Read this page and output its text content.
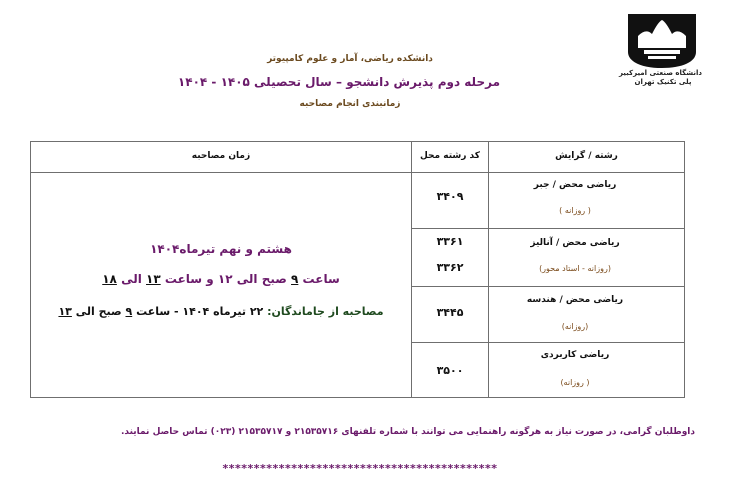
دانشگاه صنعتی امیرکبیر
پلی تکنیک تهران
دانشکده ریاضی، آمار و علوم کامپیوتر
مرحله دوم پذیرش دانشجو – سال تحصیلی ۱۴۰۵ - ۱۴۰۴
زمانبندی انجام مصاحبه
رشته / گرایش
کد رشته محل
زمان مصاحبه
ریاضی محض / جبر
( روزانه )
۳۴۰۹
ریاضی محض / آنالیز
(روزانه - استاد محور)
۳۳۶۱
۳۳۶۲
ریاضی محض / هندسه
(روزانه)
۳۴۴۵
ریاضی کاربردی
( روزانه)
۳۵۰۰
هشتم و نهم تیرماه۱۴۰۴
ساعت ۹ صبح الی ۱۲ و ساعت ۱۳ الی ۱۸
مصاحبه از جاماندگان: ۲۲ تیرماه ۱۴۰۴ - ساعت ۹ صبح الی ۱۳
داوطلبان گرامی، در صورت نیاز به هرگونه راهنمایی می توانند با شماره تلفنهای ۲۱۵۳۵۷۱۶ و ۲۱۵۳۵۷۱۷ (۰۲۳) تماس حاصل نمایند.
********************************************
